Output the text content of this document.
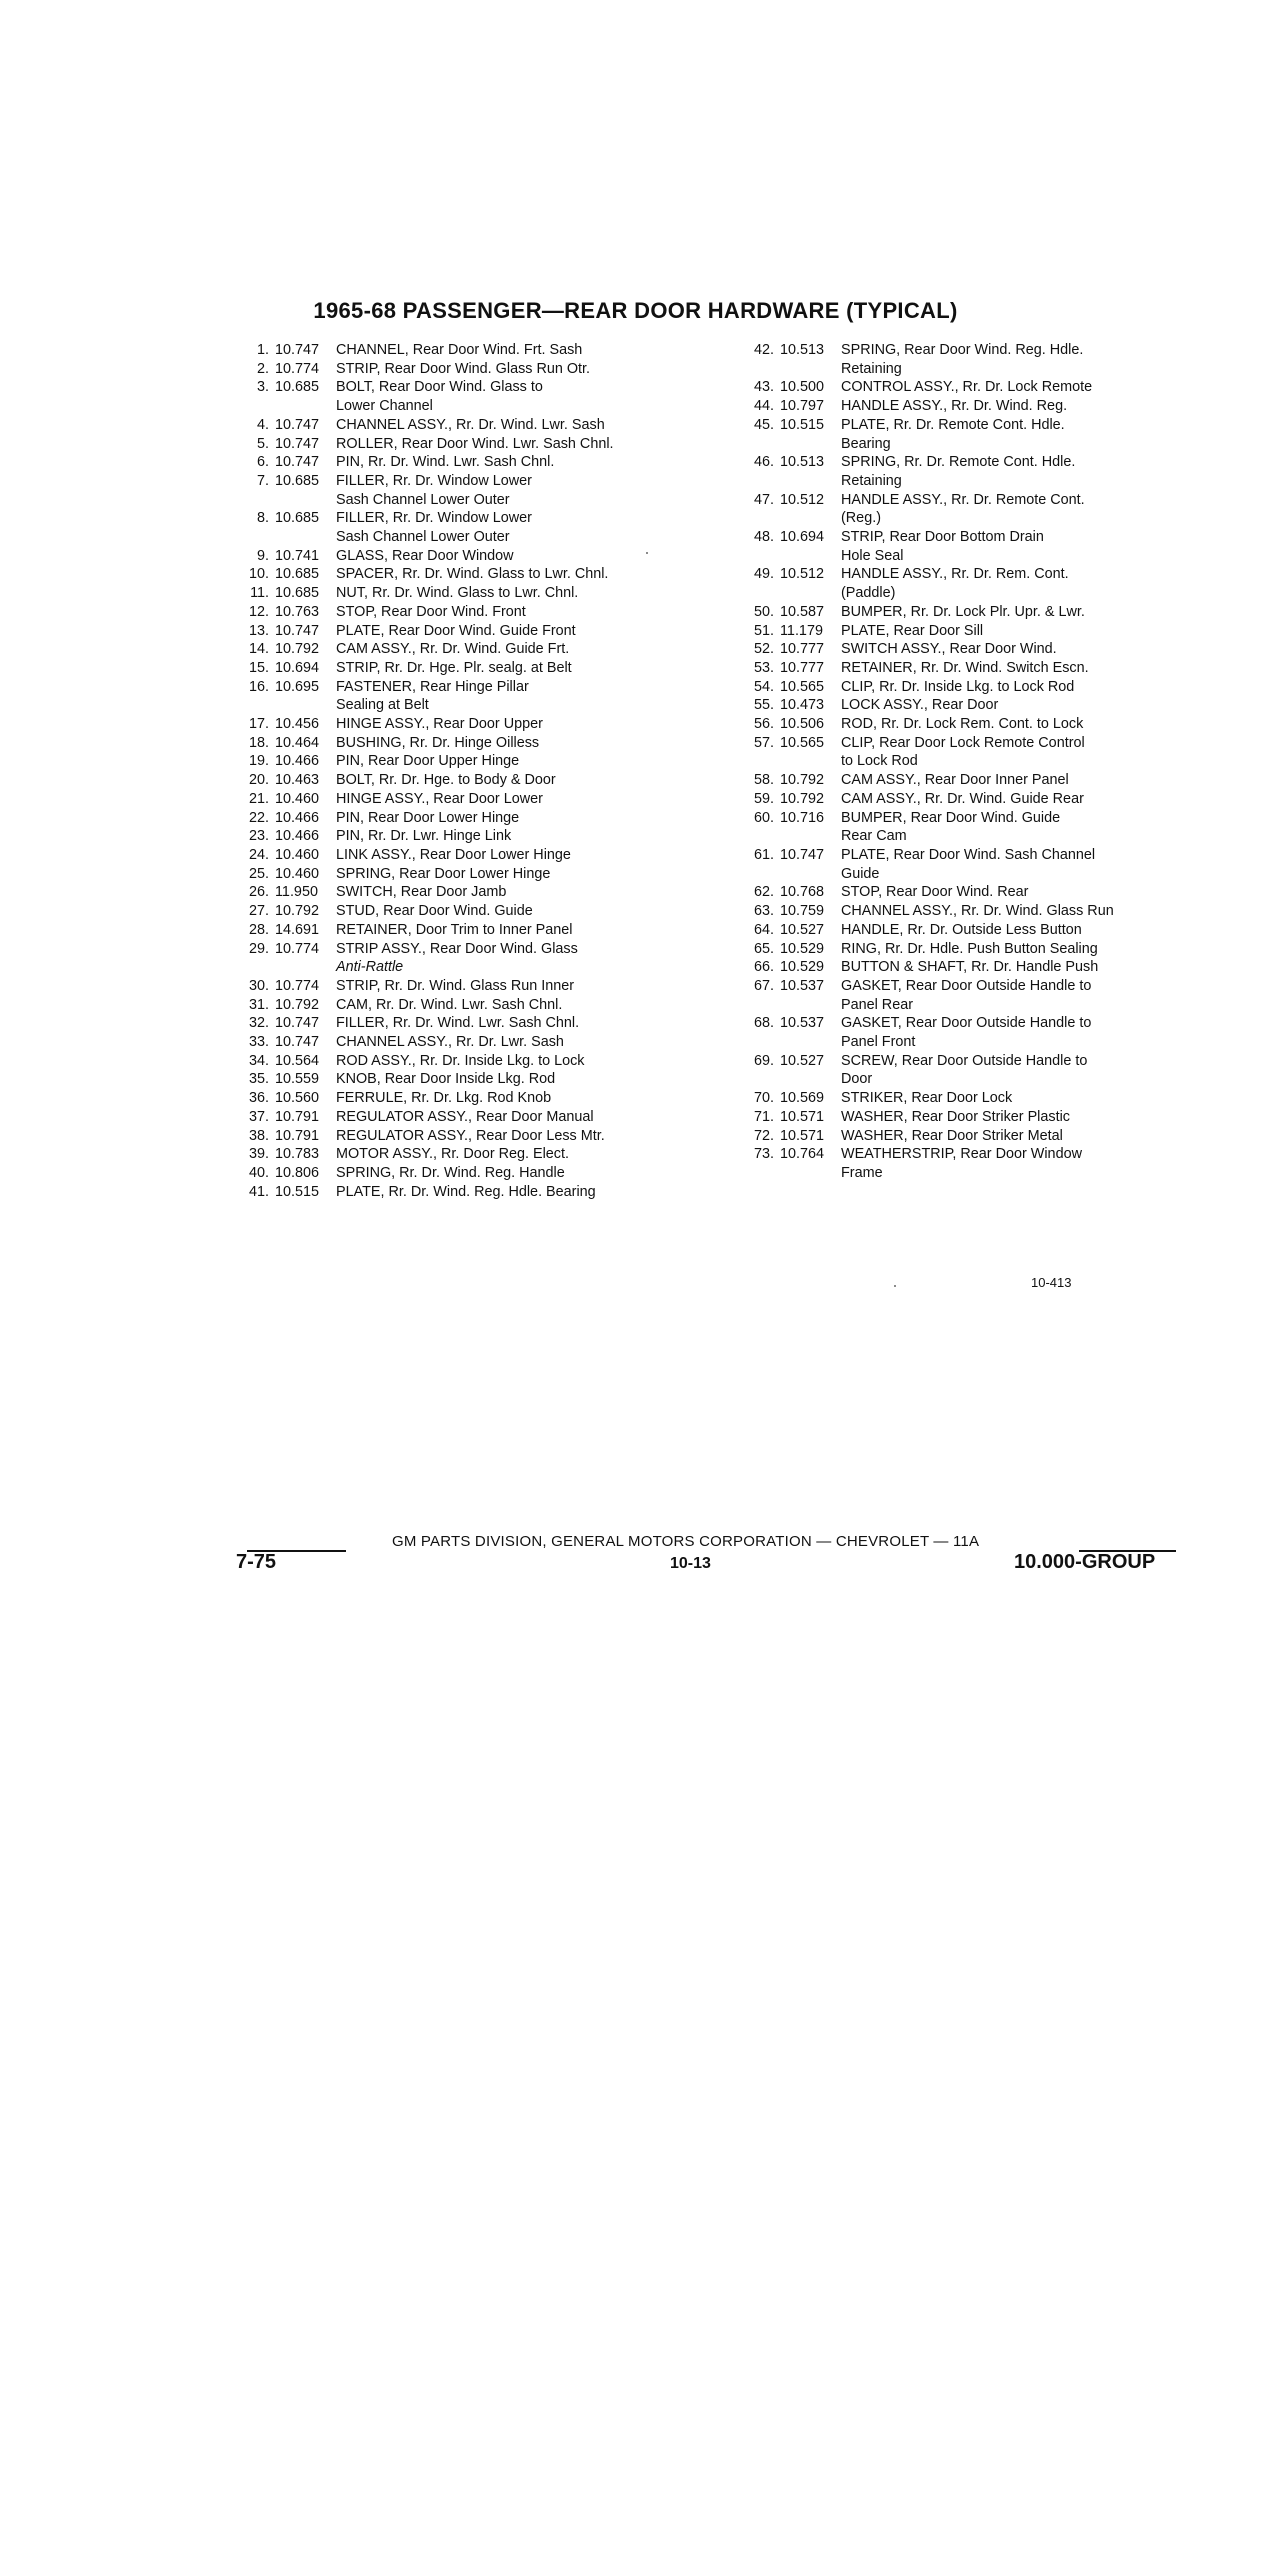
1965-68 PASSENGER—REAR DOOR HARDWARE (TYPICAL)
1. 10.747	CHANNEL, Rear Door Wind. Frt. Sash
2. 10.774	STRIP, Rear Door Wind. Glass Run Otr.
3. 10.685	BOLT, Rear Door Wind. Glass to
Lower Channel
4. 10.747	CHANNEL ASSY., Rr. Dr. Wind. Lwr. Sash
5. 10.747	ROLLER, Rear Door Wind. Lwr. Sash Chnl.
6. 10.747	PIN, Rr. Dr. Wind. Lwr. Sash Chnl.
7. 10.685	FILLER, Rr. Dr. Window Lower
Sash Channel Lower Outer
8. 10.685	FILLER, Rr. Dr. Window Lower
Sash Channel Lower Outer
9. 10.741	GLASS, Rear Door Window
10. 10.685	SPACER, Rr. Dr. Wind. Glass to Lwr. Chnl.
11. 10.685	NUT, Rr. Dr. Wind. Glass to Lwr. Chnl.
12. 10.763	STOP, Rear Door Wind. Front
13. 10.747	PLATE, Rear Door Wind. Guide Front
14. 10.792	CAM ASSY., Rr. Dr. Wind. Guide Frt.
15. 10.694	STRIP, Rr. Dr. Hge. Plr. sealg. at Belt
16. 10.695	FASTENER, Rear Hinge Pillar
Sealing at Belt
17. 10.456	HINGE ASSY., Rear Door Upper
18. 10.464	BUSHING, Rr. Dr. Hinge Oilless
19. 10.466	PIN, Rear Door Upper Hinge
20. 10.463	BOLT, Rr. Dr. Hge. to Body & Door
21. 10.460	HINGE ASSY., Rear Door Lower
22. 10.466	PIN, Rear Door Lower Hinge
23. 10.466	PIN, Rr. Dr. Lwr. Hinge Link
24. 10.460	LINK ASSY., Rear Door Lower Hinge
25. 10.460	SPRING, Rear Door Lower Hinge
26. 11.950	SWITCH, Rear Door Jamb
27. 10.792	STUD, Rear Door Wind. Guide
28. 14.691	RETAINER, Door Trim to Inner Panel
29. 10.774	STRIP ASSY., Rear Door Wind. Glass
Anti-Rattle
30. 10.774	STRIP, Rr. Dr. Wind. Glass Run Inner
31. 10.792	CAM, Rr. Dr. Wind. Lwr. Sash Chnl.
32. 10.747	FILLER, Rr. Dr. Wind. Lwr. Sash Chnl.
33. 10.747	CHANNEL ASSY., Rr. Dr. Lwr. Sash
34. 10.564	ROD ASSY., Rr. Dr. Inside Lkg. to Lock
35. 10.559	KNOB, Rear Door Inside Lkg. Rod
36. 10.560	FERRULE, Rr. Dr. Lkg. Rod Knob
37. 10.791	REGULATOR ASSY., Rear Door Manual
38. 10.791	REGULATOR ASSY., Rear Door Less Mtr.
39. 10.783	MOTOR ASSY., Rr. Door Reg. Elect.
40. 10.806	SPRING, Rr. Dr. Wind. Reg. Handle
41. 10.515	PLATE, Rr. Dr. Wind. Reg. Hdle. Bearing
42. 10.513	SPRING, Rear Door Wind. Reg. Hdle.
Retaining
43. 10.500	CONTROL ASSY., Rr. Dr. Lock Remote
44. 10.797	HANDLE ASSY., Rr. Dr. Wind. Reg.
45. 10.515	PLATE, Rr. Dr. Remote Cont. Hdle.
Bearing
46. 10.513	SPRING, Rr. Dr. Remote Cont. Hdle.
Retaining
47. 10.512	HANDLE ASSY., Rr. Dr. Remote Cont.
(Reg.)
48. 10.694	STRIP, Rear Door Bottom Drain
Hole Seal
49. 10.512	HANDLE ASSY., Rr. Dr. Rem. Cont.
(Paddle)
50. 10.587	BUMPER, Rr. Dr. Lock Plr. Upr. & Lwr.
51. 11.179	PLATE, Rear Door Sill
52. 10.777	SWITCH ASSY., Rear Door Wind.
53. 10.777	RETAINER, Rr. Dr. Wind. Switch Escn.
54. 10.565	CLIP, Rr. Dr. Inside Lkg. to Lock Rod
55. 10.473	LOCK ASSY., Rear Door
56. 10.506	ROD, Rr. Dr. Lock Rem. Cont. to Lock
57. 10.565	CLIP, Rear Door Lock Remote Control
to Lock Rod
58. 10.792	CAM ASSY., Rear Door Inner Panel
59. 10.792	CAM ASSY., Rr. Dr. Wind. Guide Rear
60. 10.716	BUMPER, Rear Door Wind. Guide
Rear Cam
61. 10.747	PLATE, Rear Door Wind. Sash Channel
Guide
62. 10.768	STOP, Rear Door Wind. Rear
63. 10.759	CHANNEL ASSY., Rr. Dr. Wind. Glass Run
64. 10.527	HANDLE, Rr. Dr. Outside Less Button
65. 10.529	RING, Rr. Dr. Hdle. Push Button Sealing
66. 10.529	BUTTON & SHAFT, Rr. Dr. Handle Push
67. 10.537	GASKET, Rear Door Outside Handle to
Panel Rear
68. 10.537	GASKET, Rear Door Outside Handle to
Panel Front
69. 10.527	SCREW, Rear Door Outside Handle to
Door
70. 10.569	STRIKER, Rear Door Lock
71. 10.571	WASHER, Rear Door Striker Plastic
72. 10.571	WASHER, Rear Door Striker Metal
73. 10.764	WEATHERSTRIP, Rear Door Window
Frame
10-413
GM PARTS DIVISION, GENERAL MOTORS CORPORATION — CHEVROLET — 11A
7-75	10-13	10.000-GROUP
